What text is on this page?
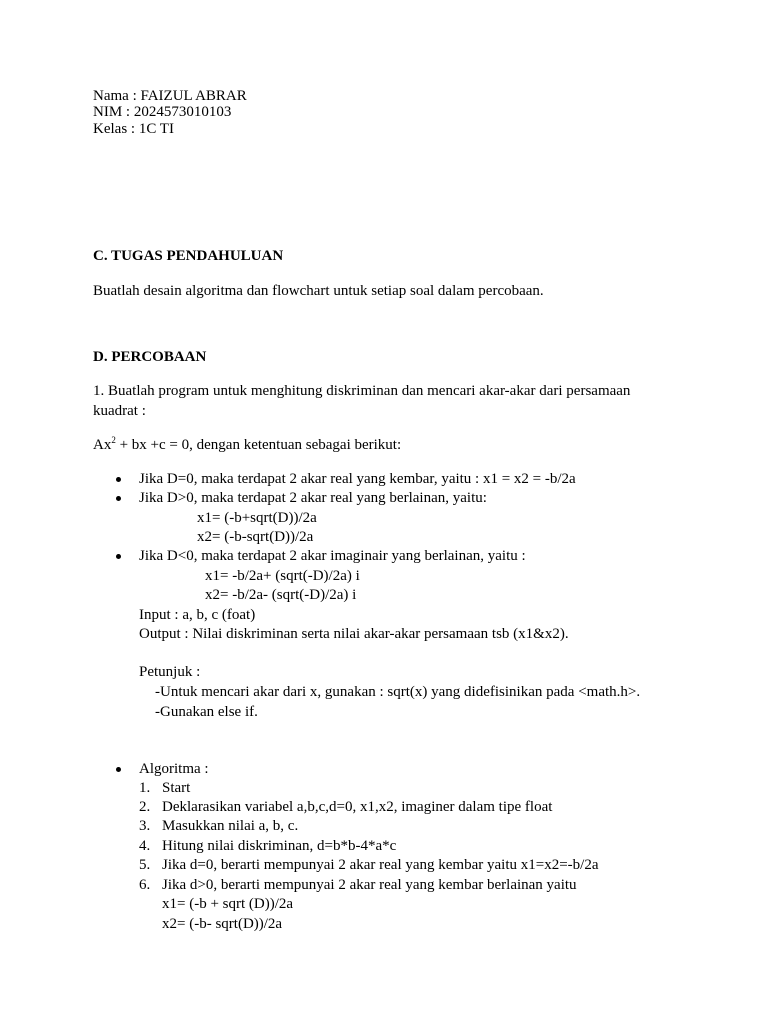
Nama : FAIZUL ABRAR
NIM : 2024573010103
Kelas : 1C TI
C. TUGAS PENDAHULUAN
Buatlah desain algoritma dan flowchart untuk setiap soal dalam percobaan.
D. PERCOBAAN
1. Buatlah program untuk menghitung diskriminan dan mencari akar-akar dari persamaan
kuadrat :
$Ax^2$ + bx +c = 0, dengan ketentuan sebagai berikut:
Jika D=0, maka terdapat 2 akar real yang kembar, yaitu : x1 = x2 = -b/2a
Jika D>0, maka terdapat 2 akar real yang berlainan, yaitu:
x1= (-b+sqrt(D))/2a
x2= (-b-sqrt(D))/2a
Jika D<0, maka terdapat 2 akar imaginair yang berlainan, yaitu :
x1= -b/2a+ (sqrt(-D)/2a) i
x2= -b/2a- (sqrt(-D)/2a) i
Input : a, b, c (foat)
Output : Nilai diskriminan serta nilai akar-akar persamaan tsb (x1&x2).
Petunjuk :
-Untuk mencari akar dari x, gunakan : sqrt(x) yang didefisinikan pada <math.h>.
-Gunakan else if.
Algoritma :
1. Start
2. Deklarasikan variabel a,b,c,d=0, x1,x2, imaginer dalam tipe float
3. Masukkan nilai a, b, c.
4. Hitung nilai diskriminan, d=b*b-4*a*c
5. Jika d=0, berarti mempunyai 2 akar real yang kembar yaitu x1=x2=-b/2a
6. Jika d>0, berarti mempunyai 2 akar real yang kembar berlainan yaitu
x1= (-b + sqrt (D))/2a
x2= (-b- sqrt(D))/2a
